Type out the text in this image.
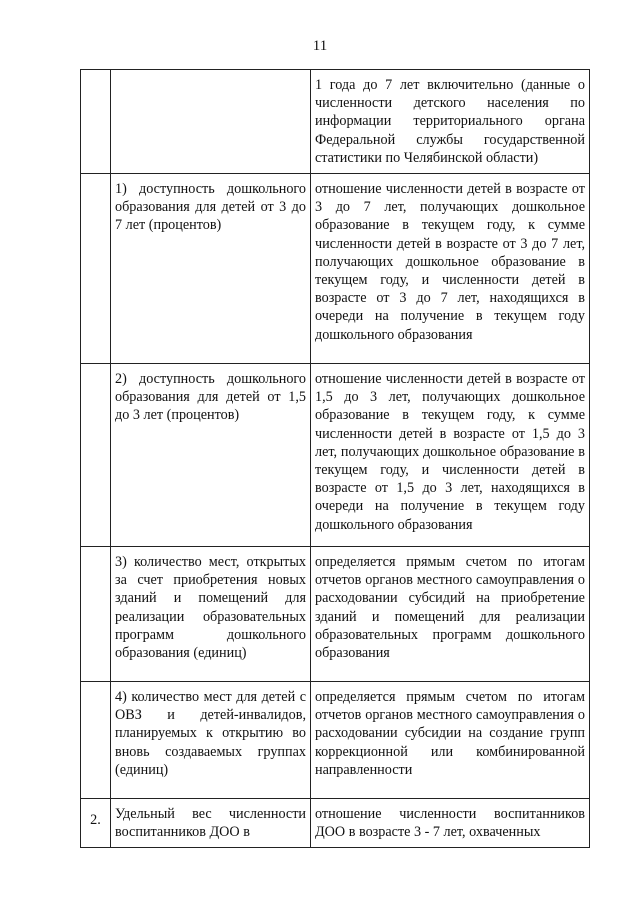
11
		1 года до 7 лет включительно (данные о численности детского населения по информации территориального органа Федеральной службы государственной статистики по Челябинской области)
	1) доступность дошкольного образования для детей от 3 до 7 лет (процентов)	отношение численности детей в возрасте от 3 до 7 лет, получающих дошкольное образование в текущем году, к сумме численности детей в возрасте от 3 до 7 лет, получающих дошкольное образование в текущем году, и численности детей в возрасте от 3 до 7 лет, находящихся в очереди на получение в текущем году дошкольного образования
	2) доступность дошкольного образования для детей от 1,5 до 3 лет (процентов)	отношение численности детей в возрасте от 1,5 до 3 лет, получающих дошкольное образование в текущем году, к сумме численности детей в возрасте от 1,5 до 3 лет, получающих дошкольное образование в текущем году, и численности детей в возрасте от 1,5 до 3 лет, находящихся в очереди на получение в текущем году дошкольного образования
	3) количество мест, открытых за счет приобретения новых зданий и помещений для реализации образовательных программ дошкольного образования (единиц)	определяется прямым счетом по итогам отчетов органов местного самоуправления о расходовании субсидий на приобретение зданий и помещений для реализации образовательных программ дошкольного образования
	4) количество мест для детей с ОВЗ и детей-инвалидов, планируемых к открытию во вновь создаваемых группах (единиц)	определяется прямым счетом по итогам отчетов органов местного самоуправления о расходовании субсидии на создание групп коррекционной или комбинированной направленности
2.	Удельный вес численности воспитанников ДОО в	отношение численности воспитанников ДОО в возрасте 3 - 7 лет, охваченных
